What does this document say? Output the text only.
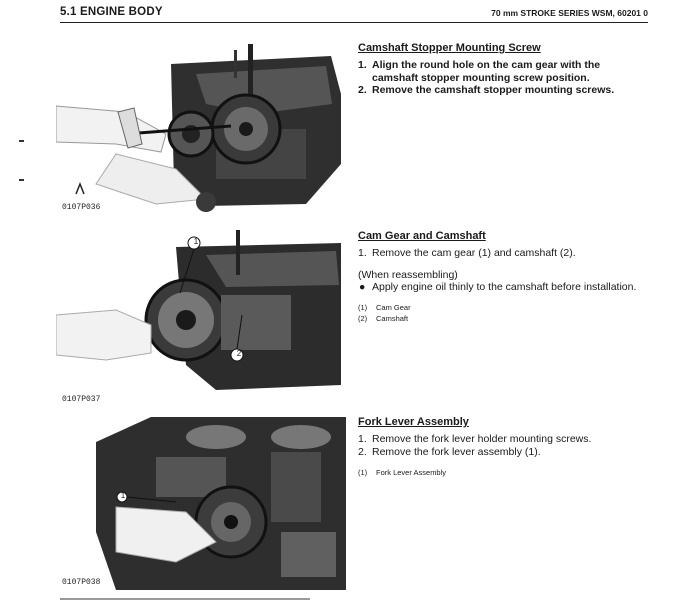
5.1 ENGINE BODY	70 mm STROKE SERIES WSM, 60201 0
0107P036
1
2
0107P037
1
0107P038
Camshaft Stopper Mounting Screw
1. Align the round hole on the cam gear with the camshaft stopper mounting screw position.
2. Remove the camshaft stopper mounting screws.
Cam Gear and Camshaft
1. Remove the cam gear (1) and camshaft (2).
(When reassembling)
● Apply engine oil thinly to the camshaft before installation.
(1) Cam Gear
(2) Camshaft
Fork Lever Assembly
1. Remove the fork lever holder mounting screws.
2. Remove the fork lever assembly (1).
(1) Fork Lever Assembly
